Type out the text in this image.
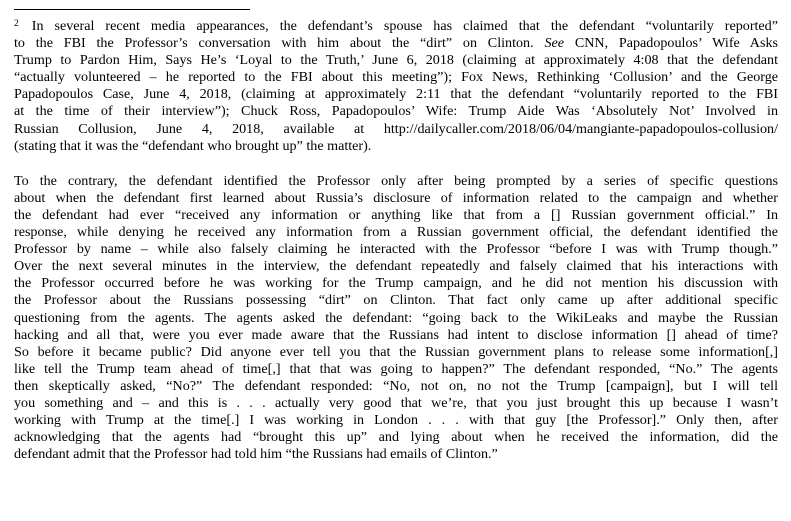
$^2$ In several recent media appearances, the defendant’s spouse has claimed that the defendant “voluntarily reported”
to the FBI the Professor’s conversation with him about the “dirt” on Clinton. See CNN, Papadopoulos’ Wife Asks
Trump to Pardon Him, Says He’s ‘Loyal to the Truth,’ June 6, 2018 (claiming at approximately 4:08 that the defendant
“actually volunteered – he reported to the FBI about this meeting”); Fox News, Rethinking ‘Collusion’ and the George
Papadopoulos Case, June 4, 2018, (claiming at approximately 2:11 that the defendant “voluntarily reported to the FBI
at the time of their interview”); Chuck Ross, Papadopoulos’ Wife: Trump Aide Was ‘Absolutely Not’ Involved in
Russian Collusion, June 4, 2018, available at http://dailycaller.com/2018/06/04/mangiante-papadopoulos-collusion/
(stating that it was the “defendant who brought up” the matter).
To the contrary, the defendant identified the Professor only after being prompted by a series of specific questions
about when the defendant first learned about Russia’s disclosure of information related to the campaign and whether
the defendant had ever “received any information or anything like that from a [] Russian government official.” In
response, while denying he received any information from a Russian government official, the defendant identified the
Professor by name – while also falsely claiming he interacted with the Professor “before I was with Trump though.”
Over the next several minutes in the interview, the defendant repeatedly and falsely claimed that his interactions with
the Professor occurred before he was working for the Trump campaign, and he did not mention his discussion with
the Professor about the Russians possessing “dirt” on Clinton. That fact only came up after additional specific
questioning from the agents. The agents asked the defendant: “going back to the WikiLeaks and maybe the Russian
hacking and all that, were you ever made aware that the Russians had intent to disclose information [] ahead of time?
So before it became public? Did anyone ever tell you that the Russian government plans to release some information[,]
like tell the Trump team ahead of time[,] that that was going to happen?” The defendant responded, “No.” The agents
then skeptically asked, “No?” The defendant responded: “No, not on, no not the Trump [campaign], but I will tell
you something and – and this is . . . actually very good that we’re, that you just brought this up because I wasn’t
working with Trump at the time[.] I was working in London . . . with that guy [the Professor].” Only then, after
acknowledging that the agents had “brought this up” and lying about when he received the information, did the
defendant admit that the Professor had told him “the Russians had emails of Clinton.”
